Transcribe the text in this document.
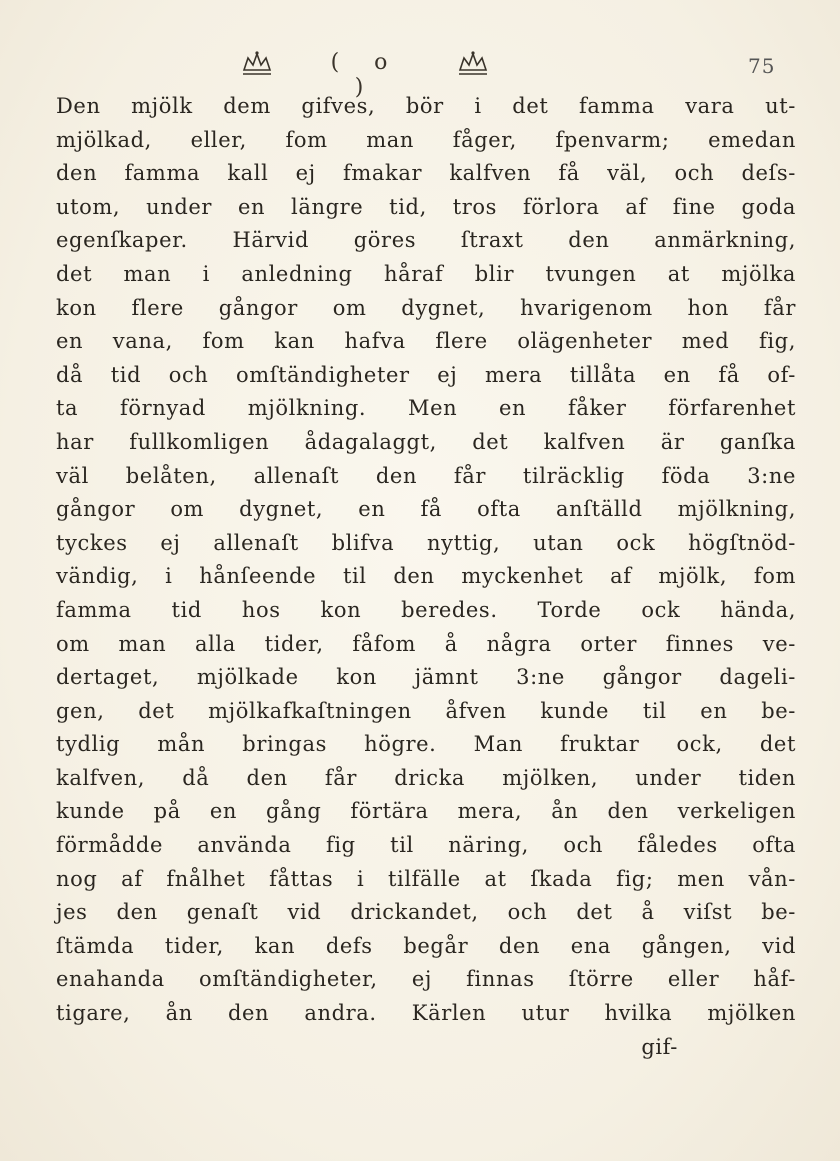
( o )
75
Den mjölk dem gifves, bör i det famma vara ut-
mjölkad, eller, fom man fåger, fpenvarm; emedan
den famma kall ej fmakar kalfven få väl, och deſs-
utom, under en längre tid, tros förlora af fine goda
egenſkaper. Härvid göres ſtraxt den anmärkning,
det man i anledning håraf blir tvungen at mjölka
kon flere gångor om dygnet, hvarigenom hon får
en vana, fom kan hafva flere olägenheter med fig,
då tid och omſtändigheter ej mera tillåta en få of-
ta förnyad mjölkning. Men en fåker förfarenhet
har fullkomligen ådagalaggt, det kalfven är ganſka
väl belåten, allenaſt den får tilräcklig föda 3:ne
gångor om dygnet, en få ofta anſtälld mjölkning,
tyckes ej allenaſt blifva nyttig, utan ock högſtnöd-
vändig, i hånſeende til den myckenhet af mjölk, fom
famma tid hos kon beredes. Torde ock hända,
om man alla tider, fåfom å några orter finnes ve-
dertaget, mjölkade kon jämnt 3:ne gångor dageli-
gen, det mjölkafkaſtningen åfven kunde til en be-
tydlig mån bringas högre. Man fruktar ock, det
kalfven, då den får dricka mjölken, under tiden
kunde på en gång förtära mera, ån den verkeligen
förmådde använda fig til näring, och fåledes ofta
nog af fnålhet fåttas i tilfälle at ſkada fig; men vån-
jes den genaſt vid drickandet, och det å viſst be-
ſtämda tider, kan defs begår den ena gången, vid
enahanda omſtändigheter, ej finnas ſtörre eller håf-
tigare, ån den andra. Kärlen utur hvilka mjölken
gif-
